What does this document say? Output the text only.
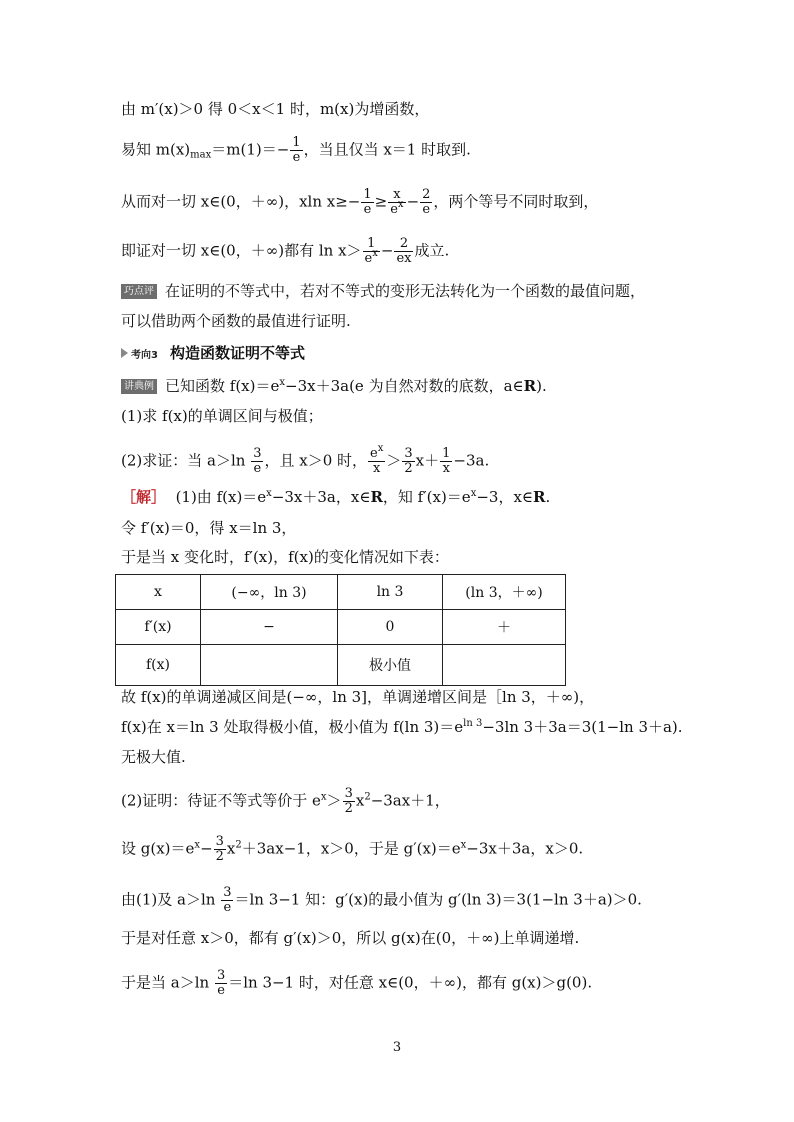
由 m′(x)＞0 得 0＜x＜1 时，m(x)为增函数，
易知 $m(x)_{max}=m(1)=- \frac{1}{e}$ ，当且仅当 x＝1 时取到.
从而对一切 x∈(0，＋∞)，xln $x\ge- \frac{1}{e} \ge \frac{x}{e^x} - \frac{2}{e}$ ，两个等号不同时取到，
即证对一切 x∈(0，＋∞)都有 $\ln x> \frac{1}{e^x} - \frac{2}{ex}$ 成立.
巧点评 在证明的不等式中，若对不等式的变形无法转化为一个函数的最值问题，
可以借助两个函数的最值进行证明.
考向3 构造函数证明不等式
讲典例 已知函数 $f(x)=e^x-3x+3a(e$ 为自然对数的底数，a∈R).
(1)求 f(x)的单调区间与极值；
(2)求证：当 $a>\ln \frac{3}{e}$ ，且 x＞0 时， $\frac{e^x}{x} > \frac{3}{2} x+ \frac{1}{x} -3a$.
［解］ (1)由 $f(x)=e^x-3x+3a$，x∈R，知 $f'(x)=e^x-3$，x∈R.
令 f′(x)＝0，得 x＝ln 3，
于是当 x 变化时，f′(x)，f(x)的变化情况如下表：
x	(−∞，ln 3)	ln 3	(ln 3，＋∞)
f′(x)	−	0	＋
f(x)		极小值	
故 f(x)的单调递减区间是(−∞，ln 3]，单调递增区间是［ln 3，＋∞)，
f(x)在 x＝ln 3 处取得极小值，极小值为 f(ln $3)=e^{ln 3}-3\ln$ 3＋3a＝3(1−ln 3＋a).
无极大值.
(2)证明：待证不等式等价于 $e^x> \frac{3}{2} x^2-3ax+1$，
设 $g(x)=e^x- \frac{3}{2} x^2+3ax-1$，x＞0，于是 $g'(x)=e^x-3x+3a$，x＞0.
由(1)及 $a>\ln \frac{3}{e} =\ln$ 3−1 知：g′(x)的最小值为 g′(ln 3)＝3(1−ln 3＋a)＞0.
于是对任意 x＞0，都有 g′(x)＞0，所以 g(x)在(0，＋∞)上单调递增.
于是当 $a>\ln \frac{3}{e} =\ln$ 3−1 时，对任意 x∈(0，＋∞)，都有 g(x)＞g(0).
3
